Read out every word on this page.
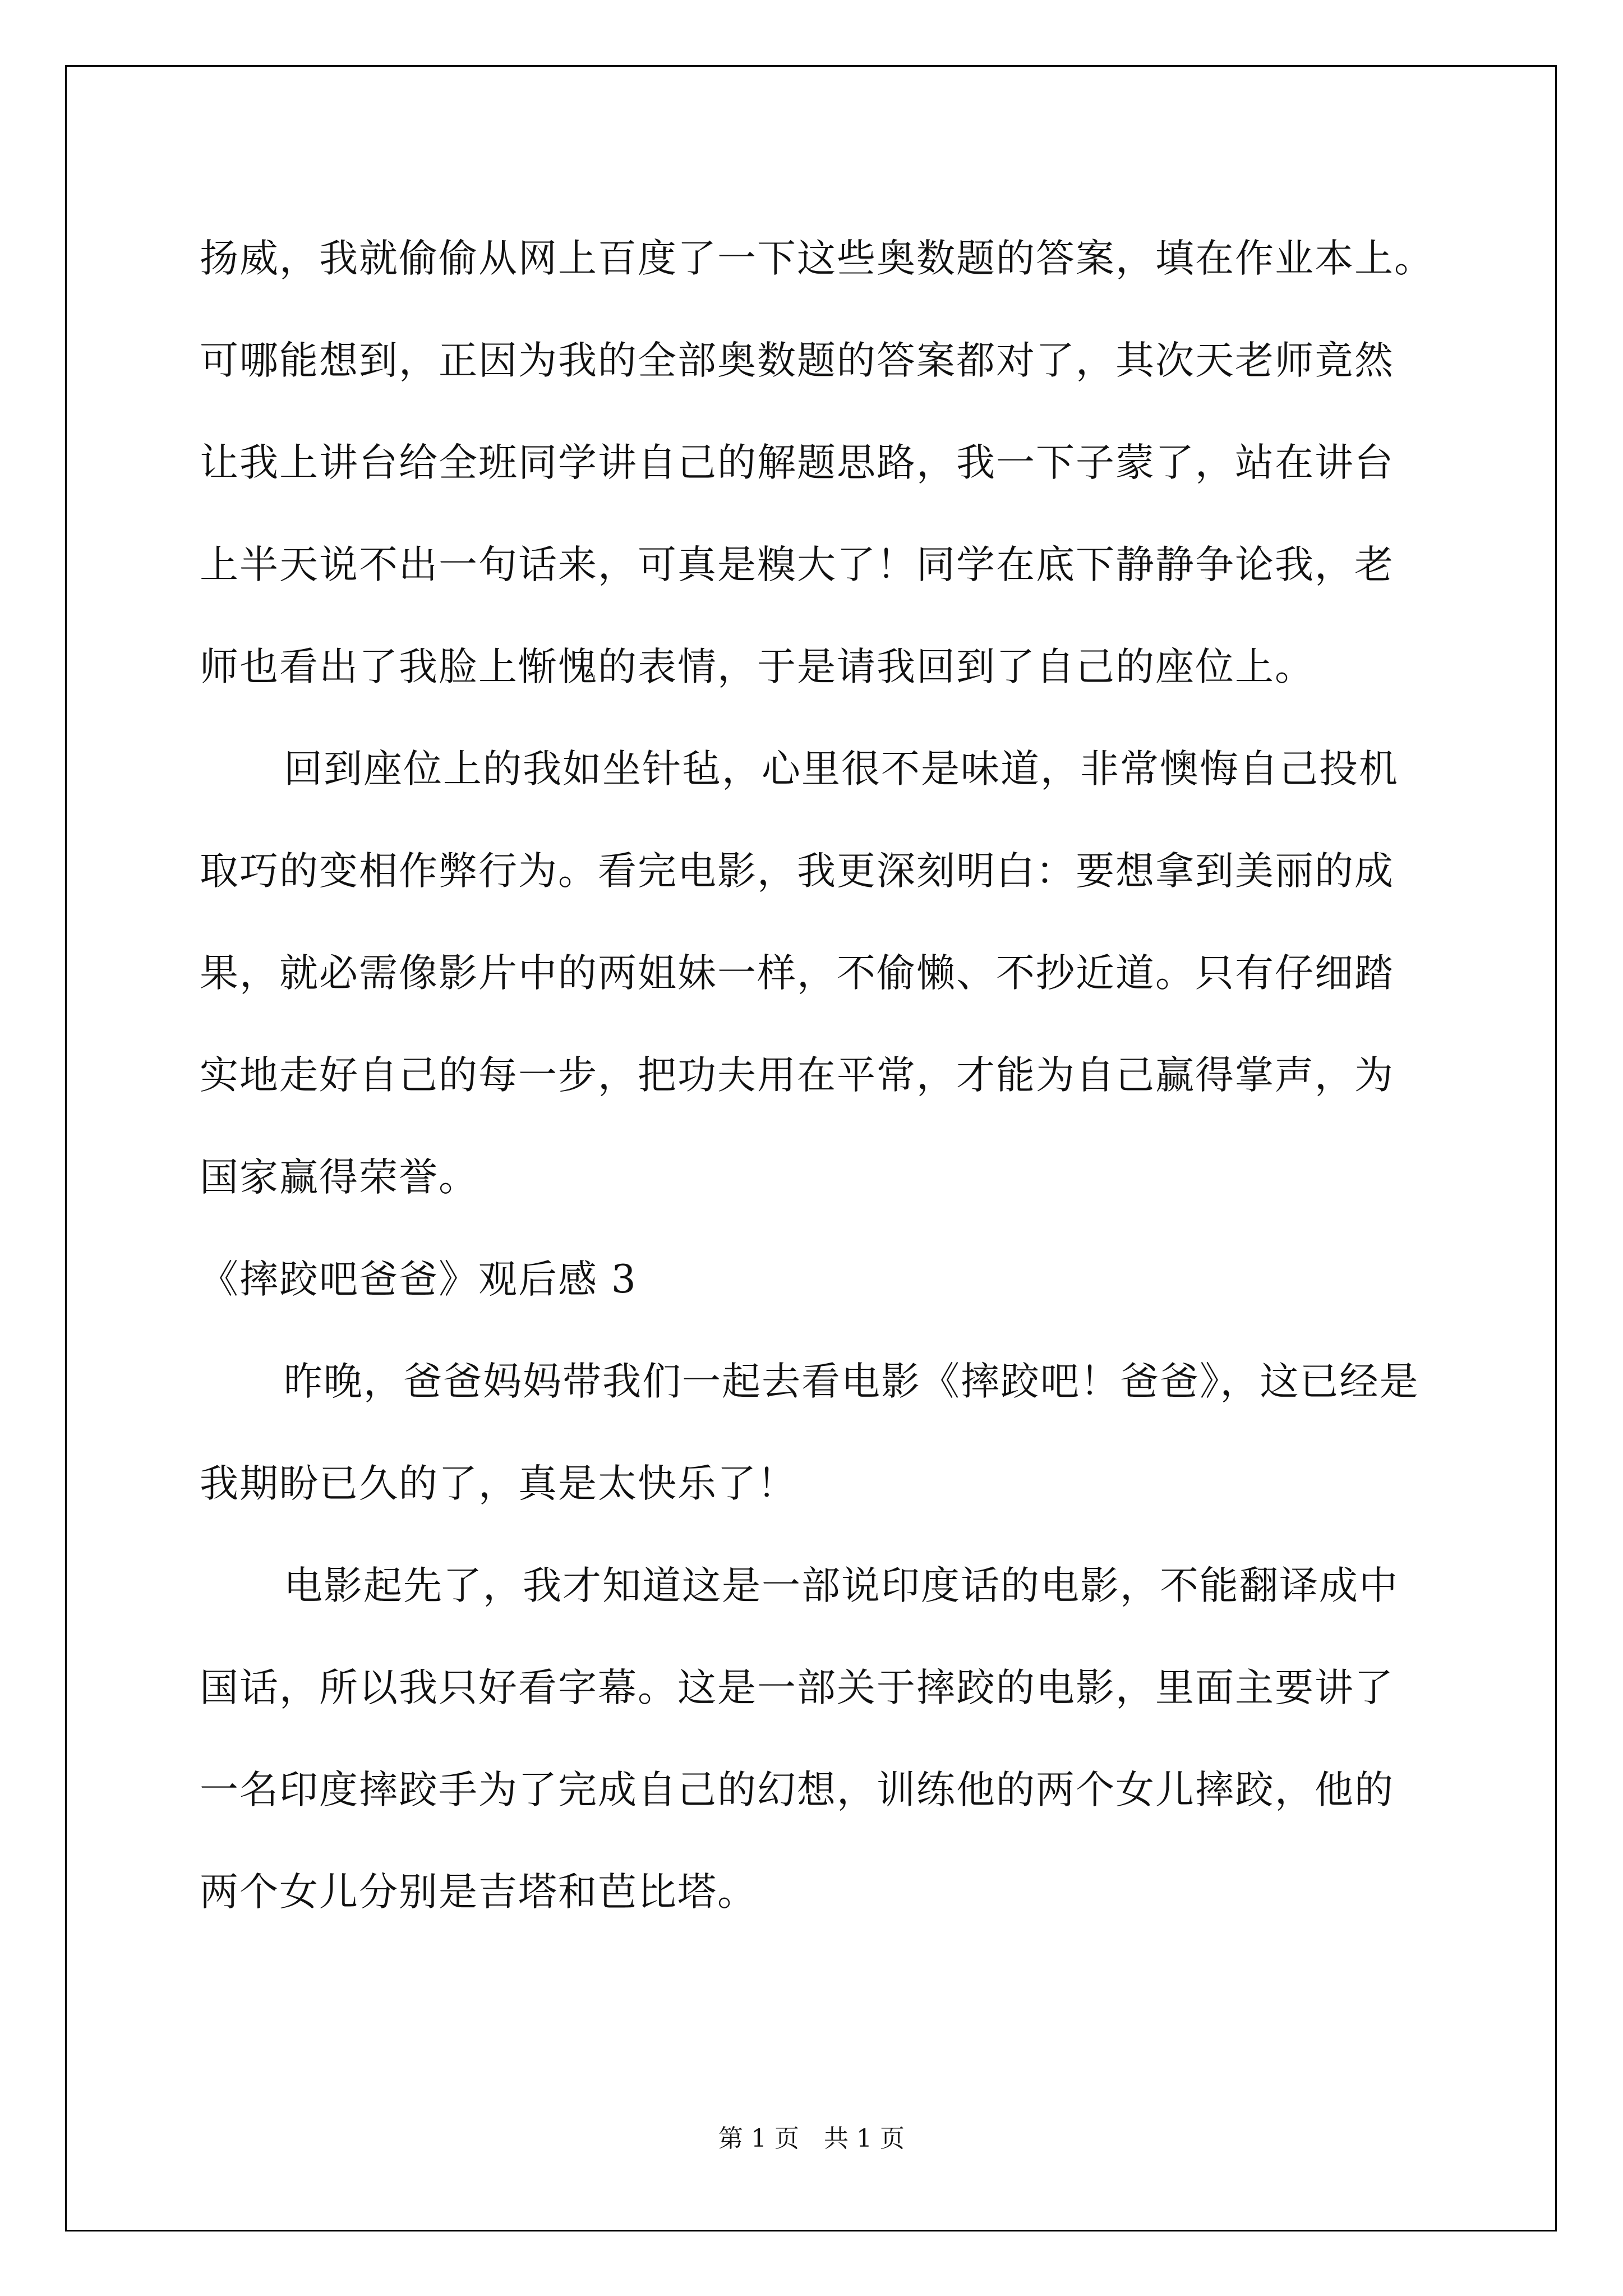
扬威，我就偷偷从网上百度了一下这些奥数题的答案，填在作业本上。
可哪能想到，正因为我的全部奥数题的答案都对了，其次天老师竟然
让我上讲台给全班同学讲自己的解题思路，我一下子蒙了，站在讲台
上半天说不出一句话来，可真是糗大了！同学在底下静静争论我，老
师也看出了我脸上惭愧的表情，于是请我回到了自己的座位上。
回到座位上的我如坐针毡，心里很不是味道，非常懊悔自己投机
取巧的变相作弊行为。看完电影，我更深刻明白：要想拿到美丽的成
果，就必需像影片中的两姐妹一样，不偷懒、不抄近道。只有仔细踏
实地走好自己的每一步，把功夫用在平常，才能为自己赢得掌声，为
国家赢得荣誉。
《摔跤吧爸爸》观后感 3
昨晚，爸爸妈妈带我们一起去看电影《摔跤吧！爸爸》，这已经是
我期盼已久的了，真是太快乐了！
电影起先了，我才知道这是一部说印度话的电影，不能翻译成中
国话，所以我只好看字幕。这是一部关于摔跤的电影，里面主要讲了
一名印度摔跤手为了完成自己的幻想，训练他的两个女儿摔跤，他的
两个女儿分别是吉塔和芭比塔。
第 1 页　共 1 页
